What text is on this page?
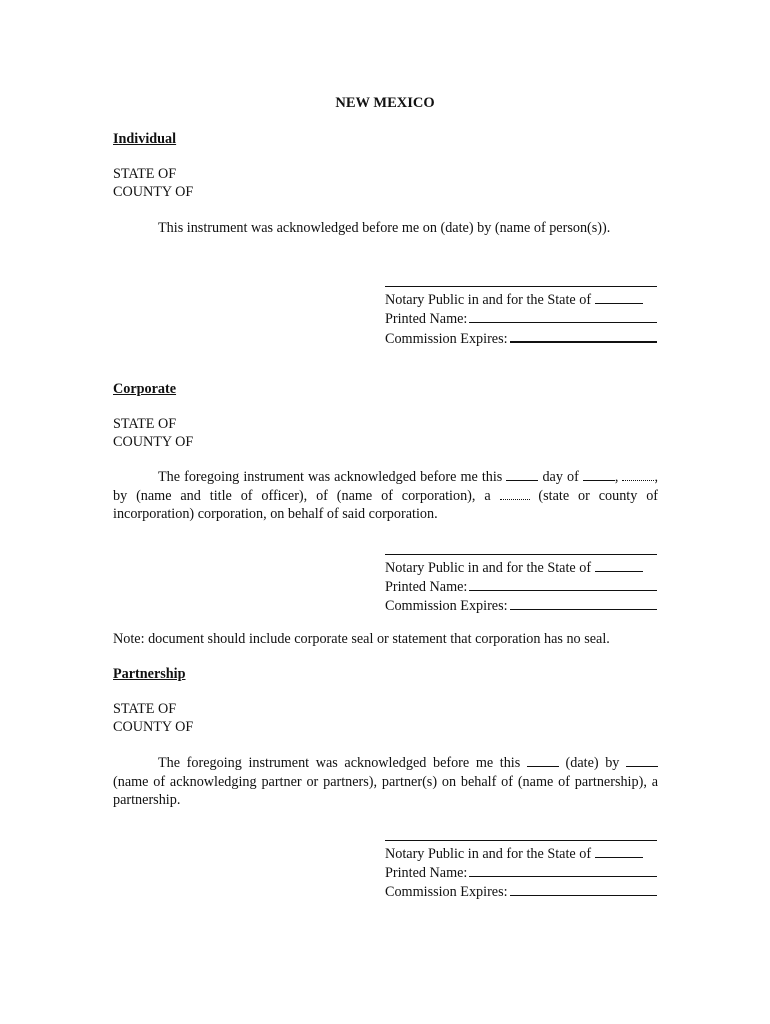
NEW MEXICO
Individual
STATE OF
COUNTY OF
This instrument was acknowledged before me on (date) by (name of person(s)).
Notary Public in and for the State of
Printed Name:
Commission Expires:
Corporate
STATE OF
COUNTY OF
The foregoing instrument was acknowledged before me this	day of	, , by (name and title of officer), of (name of corporation), a	(state or county of incorporation) corporation, on behalf of said corporation.
Notary Public in and for the State of
Printed Name:
Commission Expires:
Note: document should include corporate seal or statement that corporation has no seal.
Partnership
STATE OF
COUNTY OF
The foregoing instrument was acknowledged before me this	(date) by  (name of acknowledging partner or partners), partner(s) on behalf of (name of partnership), a partnership.
Notary Public in and for the State of
Printed Name:
Commission Expires:
